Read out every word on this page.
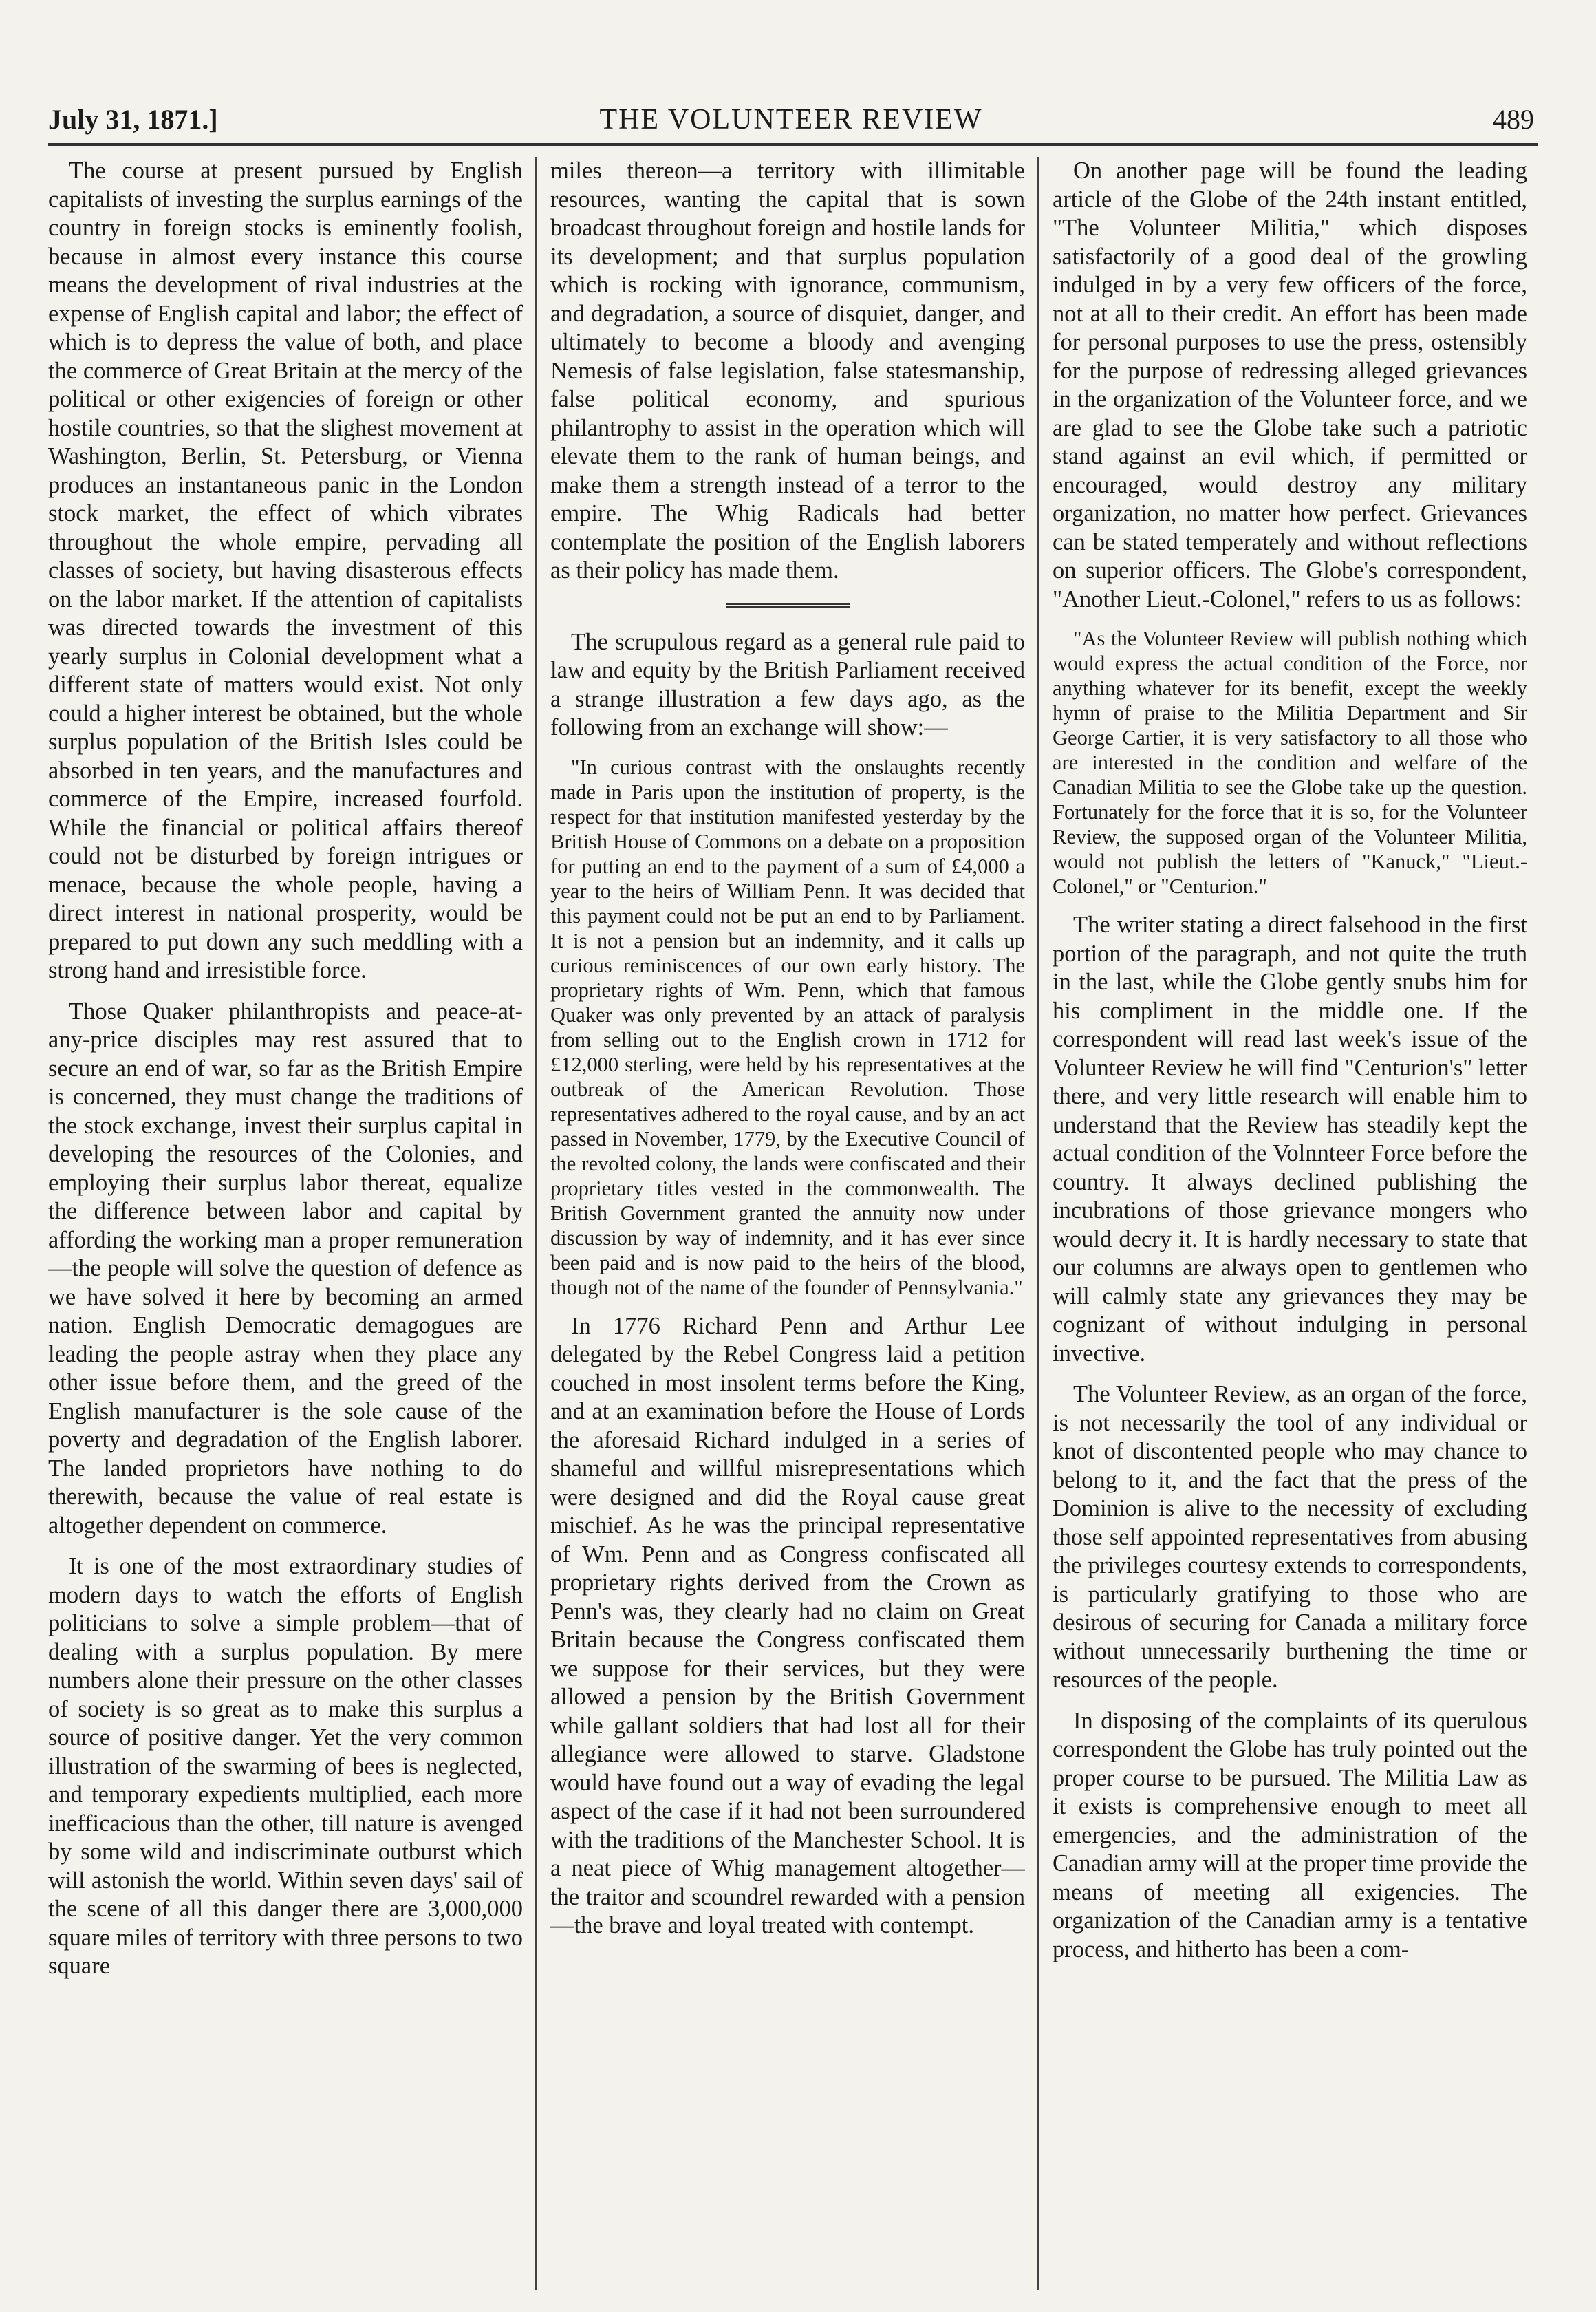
July 31, 1871.]	THE VOLUNTEER REVIEW	489

The course at present pursued by English capitalists of investing the surplus earnings of the country in foreign stocks is eminently foolish, because in almost every instance this course means the development of rival industries at the expense of English capital and labor; the effect of which is to depress the value of both, and place the commerce of Great Britain at the mercy of the political or other exigencies of foreign or other hostile countries, so that the slighest movement at Washington, Berlin, St. Petersburg, or Vienna produces an instantaneous panic in the London stock market, the effect of which vibrates throughout the whole empire, pervading all classes of society, but having disasterous effects on the labor market. If the attention of capitalists was directed towards the investment of this yearly surplus in Colonial development what a different state of matters would exist. Not only could a higher interest be obtained, but the whole surplus population of the British Isles could be absorbed in ten years, and the manufactures and commerce of the Empire, increased fourfold. While the financial or political affairs thereof could not be disturbed by foreign intrigues or menace, because the whole people, having a direct interest in national prosperity, would be prepared to put down any such meddling with a strong hand and irresistible force.

Those Quaker philanthropists and peace-at-any-price disciples may rest assured that to secure an end of war, so far as the British Empire is concerned, they must change the traditions of the stock exchange, invest their surplus capital in developing the resources of the Colonies, and employing their surplus labor thereat, equalize the difference between labor and capital by affording the working man a proper remuneration—the people will solve the question of defence as we have solved it here by becoming an armed nation. English Democratic demagogues are leading the people astray when they place any other issue before them, and the greed of the English manufacturer is the sole cause of the poverty and degradation of the English laborer. The landed proprietors have nothing to do therewith, because the value of real estate is altogether dependent on commerce.

It is one of the most extraordinary studies of modern days to watch the efforts of English politicians to solve a simple problem—that of dealing with a surplus population. By mere numbers alone their pressure on the other classes of society is so great as to make this surplus a source of positive danger. Yet the very common illustration of the swarming of bees is neglected, and temporary expedients multiplied, each more inefficacious than the other, till nature is avenged by some wild and indiscriminate outburst which will astonish the world. Within seven days' sail of the scene of all this danger there are 3,000,000 square miles of territory with three persons to two square

miles thereon—a territory with illimitable resources, wanting the capital that is sown broadcast throughout foreign and hostile lands for its development; and that surplus population which is rocking with ignorance, communism, and degradation, a source of disquiet, danger, and ultimately to become a bloody and avenging Nemesis of false legislation, false statesmanship, false political economy, and spurious philantrophy to assist in the operation which will elevate them to the rank of human beings, and make them a strength instead of a terror to the empire. The Whig Radicals had better contemplate the position of the English laborers as their policy has made them.

The scrupulous regard as a general rule paid to law and equity by the British Parliament received a strange illustration a few days ago, as the following from an exchange will show:—

"In curious contrast with the onslaughts recently made in Paris upon the institution of property, is the respect for that institution manifested yesterday by the British House of Commons on a debate on a proposition for putting an end to the payment of a sum of £4,000 a year to the heirs of William Penn. It was decided that this payment could not be put an end to by Parliament. It is not a pension but an indemnity, and it calls up curious reminiscences of our own early history. The proprietary rights of Wm. Penn, which that famous Quaker was only prevented by an attack of paralysis from selling out to the English crown in 1712 for £12,000 sterling, were held by his representatives at the outbreak of the American Revolution. Those representatives adhered to the royal cause, and by an act passed in November, 1779, by the Executive Council of the revolted colony, the lands were confiscated and their proprietary titles vested in the commonwealth. The British Government granted the annuity now under discussion by way of indemnity, and it has ever since been paid and is now paid to the heirs of the blood, though not of the name of the founder of Pennsylvania."

In 1776 Richard Penn and Arthur Lee delegated by the Rebel Congress laid a petition couched in most insolent terms before the King, and at an examination before the House of Lords the aforesaid Richard indulged in a series of shameful and willful misrepresentations which were designed and did the Royal cause great mischief. As he was the principal representative of Wm. Penn and as Congress confiscated all proprietary rights derived from the Crown as Penn's was, they clearly had no claim on Great Britain because the Congress confiscated them we suppose for their services, but they were allowed a pension by the British Government while gallant soldiers that had lost all for their allegiance were allowed to starve. Gladstone would have found out a way of evading the legal aspect of the case if it had not been surroundered with the traditions of the Manchester School. It is a neat piece of Whig management altogether—the traitor and scoundrel rewarded with a pension—the brave and loyal treated with contempt.

On another page will be found the leading article of the Globe of the 24th instant entitled, "The Volunteer Militia," which disposes satisfactorily of a good deal of the growling indulged in by a very few officers of the force, not at all to their credit. An effort has been made for personal purposes to use the press, ostensibly for the purpose of redressing alleged grievances in the organization of the Volunteer force, and we are glad to see the Globe take such a patriotic stand against an evil which, if permitted or encouraged, would destroy any military organization, no matter how perfect. Grievances can be stated temperately and without reflections on superior officers. The Globe's correspondent, "Another Lieut.-Colonel," refers to us as follows:

"As the Volunteer Review will publish nothing which would express the actual condition of the Force, nor anything whatever for its benefit, except the weekly hymn of praise to the Militia Department and Sir George Cartier, it is very satisfactory to all those who are interested in the condition and welfare of the Canadian Militia to see the Globe take up the question. Fortunately for the force that it is so, for the Volunteer Review, the supposed organ of the Volunteer Militia, would not publish the letters of "Kanuck," "Lieut.-Colonel," or "Centurion."

The writer stating a direct falsehood in the first portion of the paragraph, and not quite the truth in the last, while the Globe gently snubs him for his compliment in the middle one. If the correspondent will read last week's issue of the Volunteer Review he will find "Centurion's" letter there, and very little research will enable him to understand that the Review has steadily kept the actual condition of the Volnnteer Force before the country. It always declined publishing the incubrations of those grievance mongers who would decry it. It is hardly necessary to state that our columns are always open to gentlemen who will calmly state any grievances they may be cognizant of without indulging in personal invective.

The Volunteer Review, as an organ of the force, is not necessarily the tool of any individual or knot of discontented people who may chance to belong to it, and the fact that the press of the Dominion is alive to the necessity of excluding those self appointed representatives from abusing the privileges courtesy extends to correspondents, is particularly gratifying to those who are desirous of securing for Canada a military force without unnecessarily burthening the time or resources of the people.

In disposing of the complaints of its querulous correspondent the Globe has truly pointed out the proper course to be pursued. The Militia Law as it exists is comprehensive enough to meet all emergencies, and the administration of the Canadian army will at the proper time provide the means of meeting all exigencies. The organization of the Canadian army is a tentative process, and hitherto has been a com-
